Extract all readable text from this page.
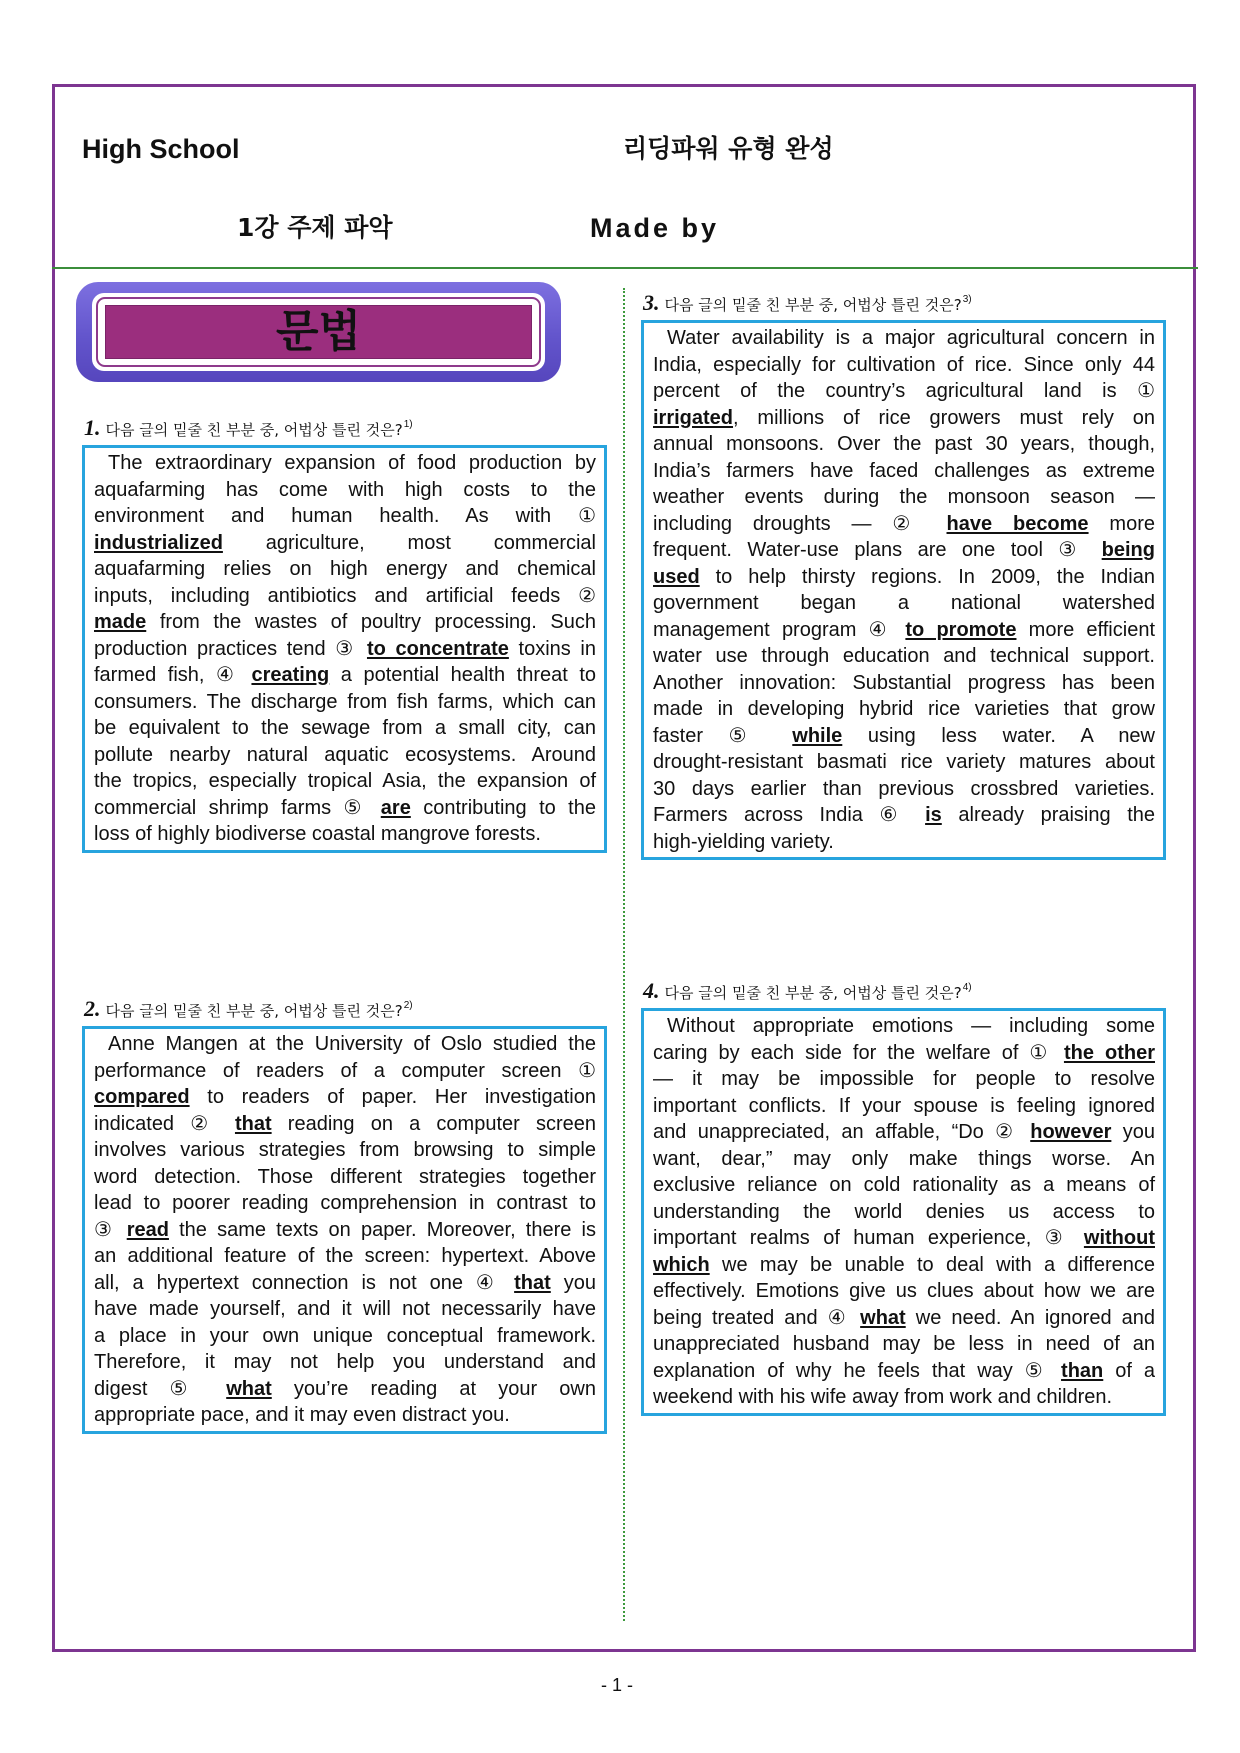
High School	리딩파워 유형 완성
1강 주제 파악	Made by
문법
1. 다음 글의 밑줄 친 부분 중, 어법상 틀린 것은?$^{1)}$
The extraordinary expansion of food production by
aquafarming has come with high costs to the
environment and human health. As with ①
industrialized agriculture, most commercial
aquafarming relies on high energy and chemical
inputs, including antibiotics and artificial feeds ②
made from the wastes of poultry processing. Such
production practices tend ③ to concentrate toxins in
farmed fish, ④ creating a potential health threat to
consumers. The discharge from fish farms, which can
be equivalent to the sewage from a small city, can
pollute nearby natural aquatic ecosystems. Around
the tropics, especially tropical Asia, the expansion of
commercial shrimp farms ⑤ are contributing to the
loss of highly biodiverse coastal mangrove forests.
2. 다음 글의 밑줄 친 부분 중, 어법상 틀린 것은?$^{2)}$
Anne Mangen at the University of Oslo studied the
performance of readers of a computer screen ①
compared to readers of paper. Her investigation
indicated ② that reading on a computer screen
involves various strategies from browsing to simple
word detection. Those different strategies together
lead to poorer reading comprehension in contrast to
③ read the same texts on paper. Moreover, there is
an additional feature of the screen: hypertext. Above
all, a hypertext connection is not one ④ that you
have made yourself, and it will not necessarily have
a place in your own unique conceptual framework.
Therefore, it may not help you understand and
digest ⑤ what you’re reading at your own
appropriate pace, and it may even distract you.
3. 다음 글의 밑줄 친 부분 중, 어법상 틀린 것은?$^{3)}$
Water availability is a major agricultural concern in
India, especially for cultivation of rice. Since only 44
percent of the country’s agricultural land is ①
irrigated, millions of rice growers must rely on
annual monsoons. Over the past 30 years, though,
India’s farmers have faced challenges as extreme
weather events during the monsoon season —
including droughts — ② have become more
frequent. Water-use plans are one tool ③ being
used to help thirsty regions. In 2009, the Indian
government began a national watershed
management program ④ to promote more efficient
water use through education and technical support.
Another innovation: Substantial progress has been
made in developing hybrid rice varieties that grow
faster ⑤ while using less water. A new
drought-resistant basmati rice variety matures about
30 days earlier than previous crossbred varieties.
Farmers across India ⑥ is already praising the
high-yielding variety.
4. 다음 글의 밑줄 친 부분 중, 어법상 틀린 것은?$^{4)}$
Without appropriate emotions — including some
caring by each side for the welfare of ① the other
— it may be impossible for people to resolve
important conflicts. If your spouse is feeling ignored
and unappreciated, an affable, “Do ② however you
want, dear,” may only make things worse. An
exclusive reliance on cold rationality as a means of
understanding the world denies us access to
important realms of human experience, ③ without
which we may be unable to deal with a difference
effectively. Emotions give us clues about how we are
being treated and ④ what we need. An ignored and
unappreciated husband may be less in need of an
explanation of why he feels that way ⑤ than of a
weekend with his wife away from work and children.
- 1 -
